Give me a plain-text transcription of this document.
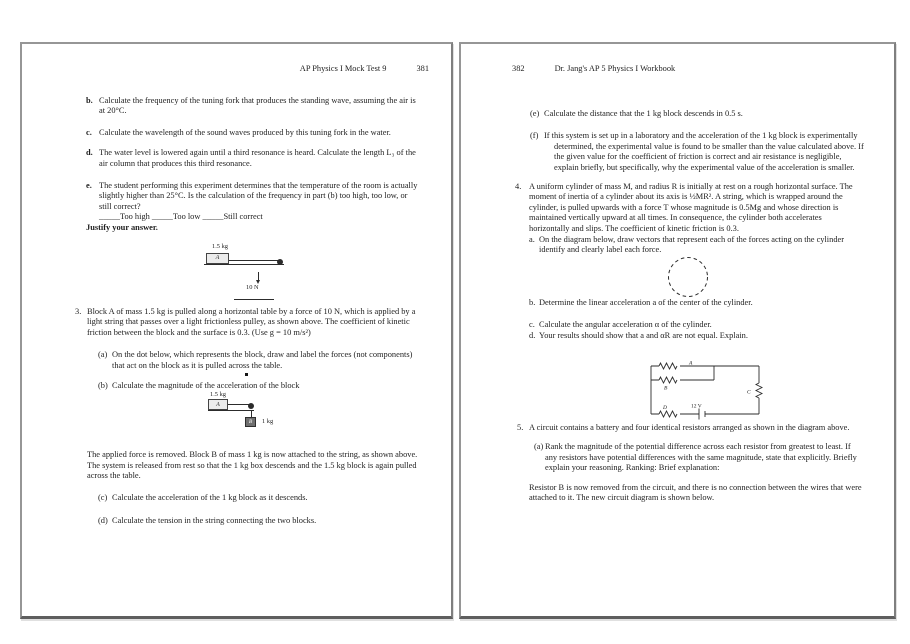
AP Physics I Mock Test 9	381
b. Calculate the frequency of the tuning fork that produces the standing wave, assuming the air is at 20°C.
c. Calculate the wavelength of the sound waves produced by this tuning fork in the water.
d. The water level is lowered again until a third resonance is heard. Calculate the length L₃ of the air column that produces this third resonance.
e. The student performing this experiment determines that the temperature of the room is actually slightly higher than 25°C. Is the calculation of the frequency in part (b) too high, too low, or still correct?
_____Too high _____Too low _____Still correct
Justify your answer.
1.5 kg
A
10 N
3. Block A of mass 1.5 kg is pulled along a horizontal table by a force of 10 N, which is applied by a light string that passes over a light frictionless pulley, as shown above. The coefficient of kinetic friction between the block and the surface is 0.3. (Use g = 10 m/s²)
(a) On the dot below, which represents the block, draw and label the forces (not components) that act on the block as it is pulled across the table.
(b) Calculate the magnitude of the acceleration of the block
1.5 kg
A
B 1 kg
The applied force is removed. Block B of mass 1 kg is now attached to the string, as shown above. The system is released from rest so that the 1 kg box descends and the 1.5 kg block is again pulled across the table.
(c) Calculate the acceleration of the 1 kg block as it descends.
(d) Calculate the tension in the string connecting the two blocks.
382	Dr. Jang's AP 5 Physics I Workbook
(e) Calculate the distance that the 1 kg block descends in 0.5 s.
(f) If this system is set up in a laboratory and the acceleration of the 1 kg block is experimentally determined, the experimental value is found to be smaller than the value calculated above. If the given value for the coefficient of friction is correct and air resistance is negligible, explain briefly, but specifically, why the experimental value of the acceleration is smaller.
4. A uniform cylinder of mass M, and radius R is initially at rest on a rough horizontal surface. The moment of inertia of a cylinder about its axis is ½MR². A string, which is wrapped around the cylinder, is pulled upwards with a force T whose magnitude is 0.5Mg and whose direction is maintained vertically upward at all times. In consequence, the cylinder both accelerates horizontally and slips. The coefficient of kinetic friction is 0.3.
a. On the diagram below, draw vectors that represent each of the forces acting on the cylinder identify and clearly label each force.
b. Determine the linear acceleration a of the center of the cylinder.
c. Calculate the angular acceleration α of the cylinder.
d. Your results should show that a and αR are not equal. Explain.
A
B
C
D	12 V
5. A circuit contains a battery and four identical resistors arranged as shown in the diagram above.
(a) Rank the magnitude of the potential difference across each resistor from greatest to least. If any resistors have potential differences with the same magnitude, state that explicitly. Briefly explain your reasoning. Ranking: Brief explanation:
Resistor B is now removed from the circuit, and there is no connection between the wires that were attached to it. The new circuit diagram is shown below.
